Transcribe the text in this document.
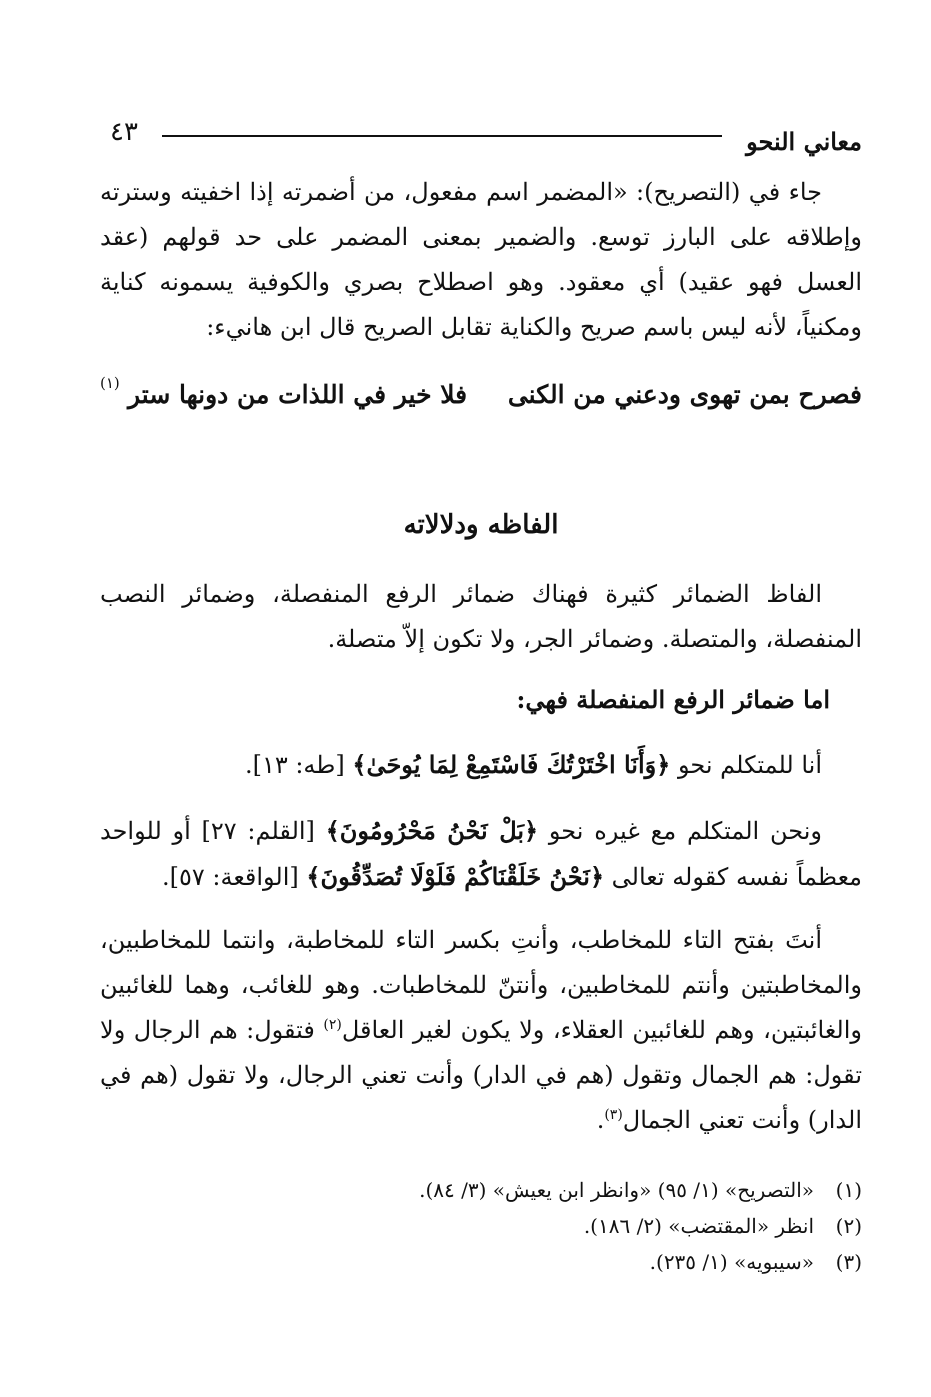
٤٣	معاني النحو

جاء في (التصريح): «المضمر اسم مفعول، من أضمرته إذا اخفيته وسترته وإطلاقه على البارز توسع. والضمير بمعنى المضمر على حد قولهم (عقد العسل فهو عقيد) أي معقود. وهو اصطلاح بصري والكوفية يسمونه كناية ومكنياً، لأنه ليس باسم صريح والكناية تقابل الصريح قال ابن هانيء:

فصرح بمن تهوى ودعني من الكنى
فلا خير في اللذات من دونها ستر
(١)
الفاظه ودلالاته

الفاظ الضمائر كثيرة فهناك ضمائر الرفع المنفصلة، وضمائر النصب المنفصلة، والمتصلة. وضمائر الجر، ولا تكون إلاّ متصلة.

اما ضمائر الرفع المنفصلة فهي:

أنا للمتكلم نحو ﴿وَأَنَا اخْتَرْتُكَ فَاسْتَمِعْ لِمَا يُوحَىٰ﴾ [طه: ١٣].

ونحن المتكلم مع غيره نحو ﴿بَلْ نَحْنُ مَحْرُومُونَ﴾ [القلم: ٢٧] أو للواحد معظماً نفسه كقوله تعالى ﴿نَحْنُ خَلَقْنَاكُمْ فَلَوْلَا تُصَدِّقُونَ﴾ [الواقعة: ٥٧].

أنتَ بفتح التاء للمخاطب، وأنتِ بكسر التاء للمخاطبة، وانتما للمخاطبين، والمخاطبتين وأنتم للمخاطبين، وأنتنّ للمخاطبات. وهو للغائب، وهما للغائبين والغائبتين، وهم للغائبين العقلاء، ولا يكون لغير العاقل$^{(٢)}$ فتقول: هم الرجال ولا تقول: هم الجمال وتقول (هم في الدار) وأنت تعني الرجال، ولا تقول (هم في الدار) وأنت تعني الجمال$^{(٣)}$.

(١)«التصريح» (١/ ٩٥) «وانظر ابن يعيش» (٣/ ٨٤).
(٢)انظر «المقتضب» (٢/ ١٨٦).
(٣)«سيبويه» (١/ ٢٣٥).
